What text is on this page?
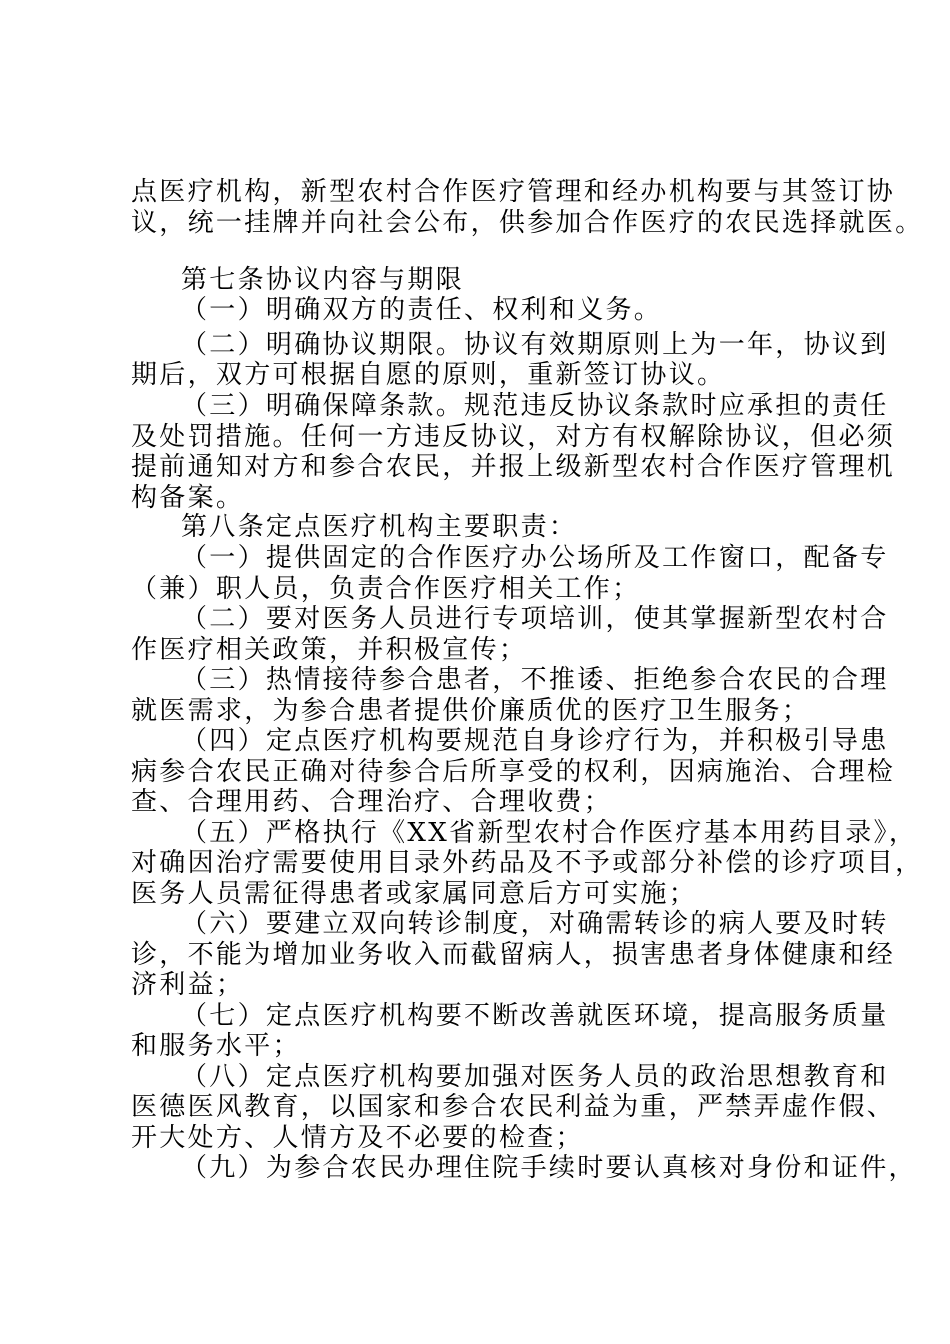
点医疗机构，新型农村合作医疗管理和经办机构要与其签订协
议，统一挂牌并向社会公布，供参加合作医疗的农民选择就医。
第七条协议内容与期限
（一）明确双方的责任、权利和义务。
（二）明确协议期限。协议有效期原则上为一年，协议到
期后，双方可根据自愿的原则，重新签订协议。
（三）明确保障条款。规范违反协议条款时应承担的责任
及处罚措施。任何一方违反协议，对方有权解除协议，但必须
提前通知对方和参合农民，并报上级新型农村合作医疗管理机
构备案。
第八条定点医疗机构主要职责：
（一）提供固定的合作医疗办公场所及工作窗口，配备专
（兼）职人员，负责合作医疗相关工作；
（二）要对医务人员进行专项培训，使其掌握新型农村合
作医疗相关政策，并积极宣传；
（三）热情接待参合患者，不推诿、拒绝参合农民的合理
就医需求，为参合患者提供价廉质优的医疗卫生服务；
（四）定点医疗机构要规范自身诊疗行为，并积极引导患
病参合农民正确对待参合后所享受的权利，因病施治、合理检
查、合理用药、合理治疗、合理收费；
（五）严格执行《XX省新型农村合作医疗基本用药目录》，
对确因治疗需要使用目录外药品及不予或部分补偿的诊疗项目，
医务人员需征得患者或家属同意后方可实施；
（六）要建立双向转诊制度，对确需转诊的病人要及时转
诊，不能为增加业务收入而截留病人，损害患者身体健康和经
济利益；
（七）定点医疗机构要不断改善就医环境，提高服务质量
和服务水平；
（八）定点医疗机构要加强对医务人员的政治思想教育和
医德医风教育，以国家和参合农民利益为重，严禁弄虚作假、
开大处方、人情方及不必要的检查；
（九）为参合农民办理住院手续时要认真核对身份和证件，
